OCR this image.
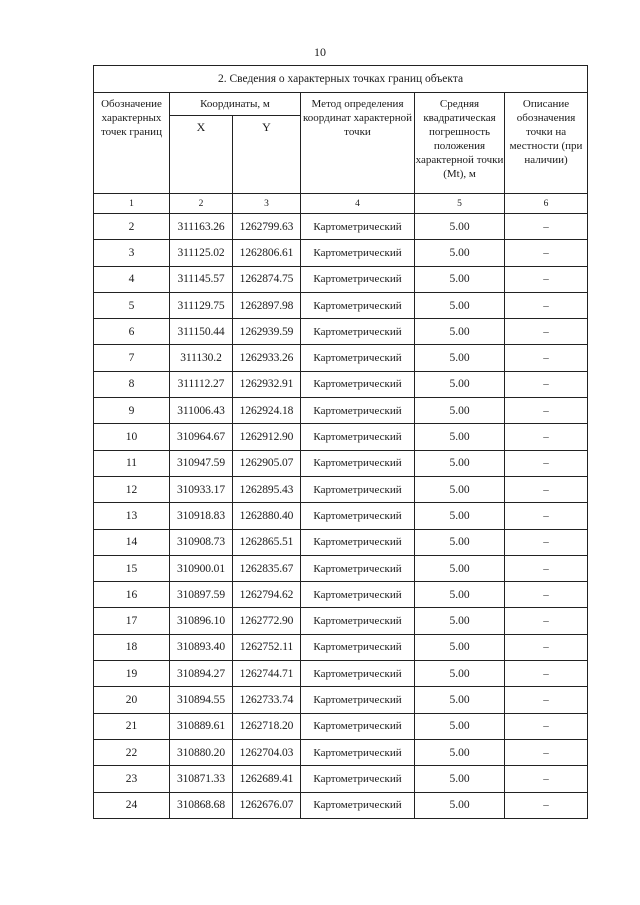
10
2. Сведения о характерных точках границ объекта					
Обозначение характерных точек границ	Координаты, м		Метод определения координат характерной точки	Средняя квадратическая погрешность положения характерной точки (Mt), м	Описание обозначения точки на местности (при наличии)
	X	Y			
1	2	3	4	5	6
2	311163.26	1262799.63	Картометрический	5.00	–
3	311125.02	1262806.61	Картометрический	5.00	–
4	311145.57	1262874.75	Картометрический	5.00	–
5	311129.75	1262897.98	Картометрический	5.00	–
6	311150.44	1262939.59	Картометрический	5.00	–
7	311130.2	1262933.26	Картометрический	5.00	–
8	311112.27	1262932.91	Картометрический	5.00	–
9	311006.43	1262924.18	Картометрический	5.00	–
10	310964.67	1262912.90	Картометрический	5.00	–
11	310947.59	1262905.07	Картометрический	5.00	–
12	310933.17	1262895.43	Картометрический	5.00	–
13	310918.83	1262880.40	Картометрический	5.00	–
14	310908.73	1262865.51	Картометрический	5.00	–
15	310900.01	1262835.67	Картометрический	5.00	–
16	310897.59	1262794.62	Картометрический	5.00	–
17	310896.10	1262772.90	Картометрический	5.00	–
18	310893.40	1262752.11	Картометрический	5.00	–
19	310894.27	1262744.71	Картометрический	5.00	–
20	310894.55	1262733.74	Картометрический	5.00	–
21	310889.61	1262718.20	Картометрический	5.00	–
22	310880.20	1262704.03	Картометрический	5.00	–
23	310871.33	1262689.41	Картометрический	5.00	–
24	310868.68	1262676.07	Картометрический	5.00	–
